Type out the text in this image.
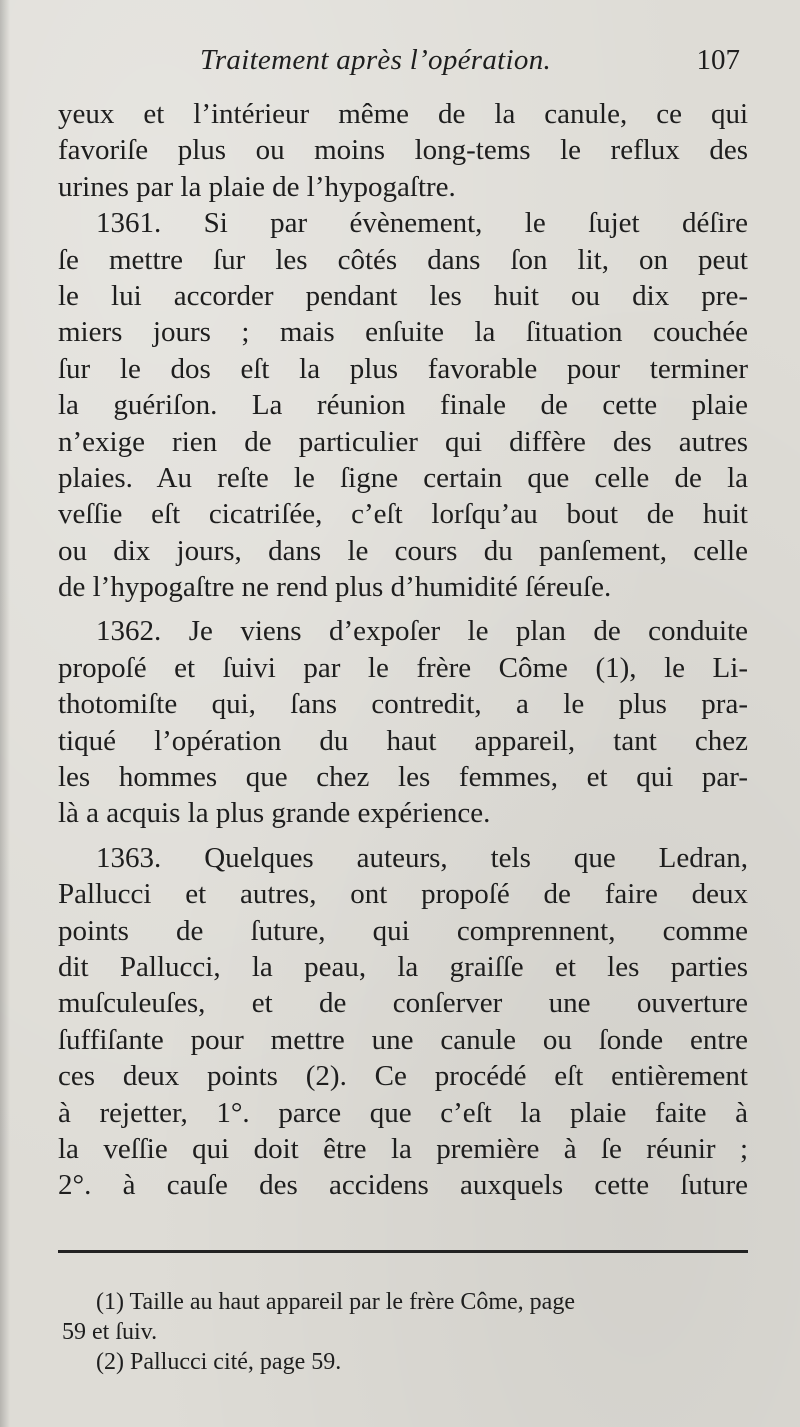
Traitement après l’opération.	107
yeux et l’intérieur même de la canule, ce qui
favoriſe plus ou moins long-tems le reflux des
urines par la plaie de l’hypogaſtre.
1361. Si par évènement, le ſujet déſire
ſe mettre ſur les côtés dans ſon lit, on peut
le lui accorder pendant les huit ou dix pre-
miers jours ; mais enſuite la ſituation couchée
ſur le dos eſt la plus favorable pour terminer
la guériſon. La réunion finale de cette plaie
n’exige rien de particulier qui diffère des autres
plaies. Au reſte le ſigne certain que celle de la
veſſie eſt cicatriſée, c’eſt lorſqu’au bout de huit
ou dix jours, dans le cours du panſement, celle
de l’hypogaſtre ne rend plus d’humidité ſéreuſe.
1362. Je viens d’expoſer le plan de conduite
propoſé et ſuivi par le frère Côme (1), le Li-
thotomiſte qui, ſans contredit, a le plus pra-
tiqué l’opération du haut appareil, tant chez
les hommes que chez les femmes, et qui par-
là a acquis la plus grande expérience.
1363. Quelques auteurs, tels que Ledran,
Pallucci et autres, ont propoſé de faire deux
points de ſuture, qui comprennent, comme
dit Pallucci, la peau, la graiſſe et les parties
muſculeuſes, et de conſerver une ouverture
ſuffiſante pour mettre une canule ou ſonde entre
ces deux points (2). Ce procédé eſt entièrement
à rejetter, 1°. parce que c’eſt la plaie faite à
la veſſie qui doit être la première à ſe réunir ;
2°. à cauſe des accidens auxquels cette ſuture
(1) Taille au haut appareil par le frère Côme, page
59 et ſuiv.
(2) Pallucci cité, page 59.
